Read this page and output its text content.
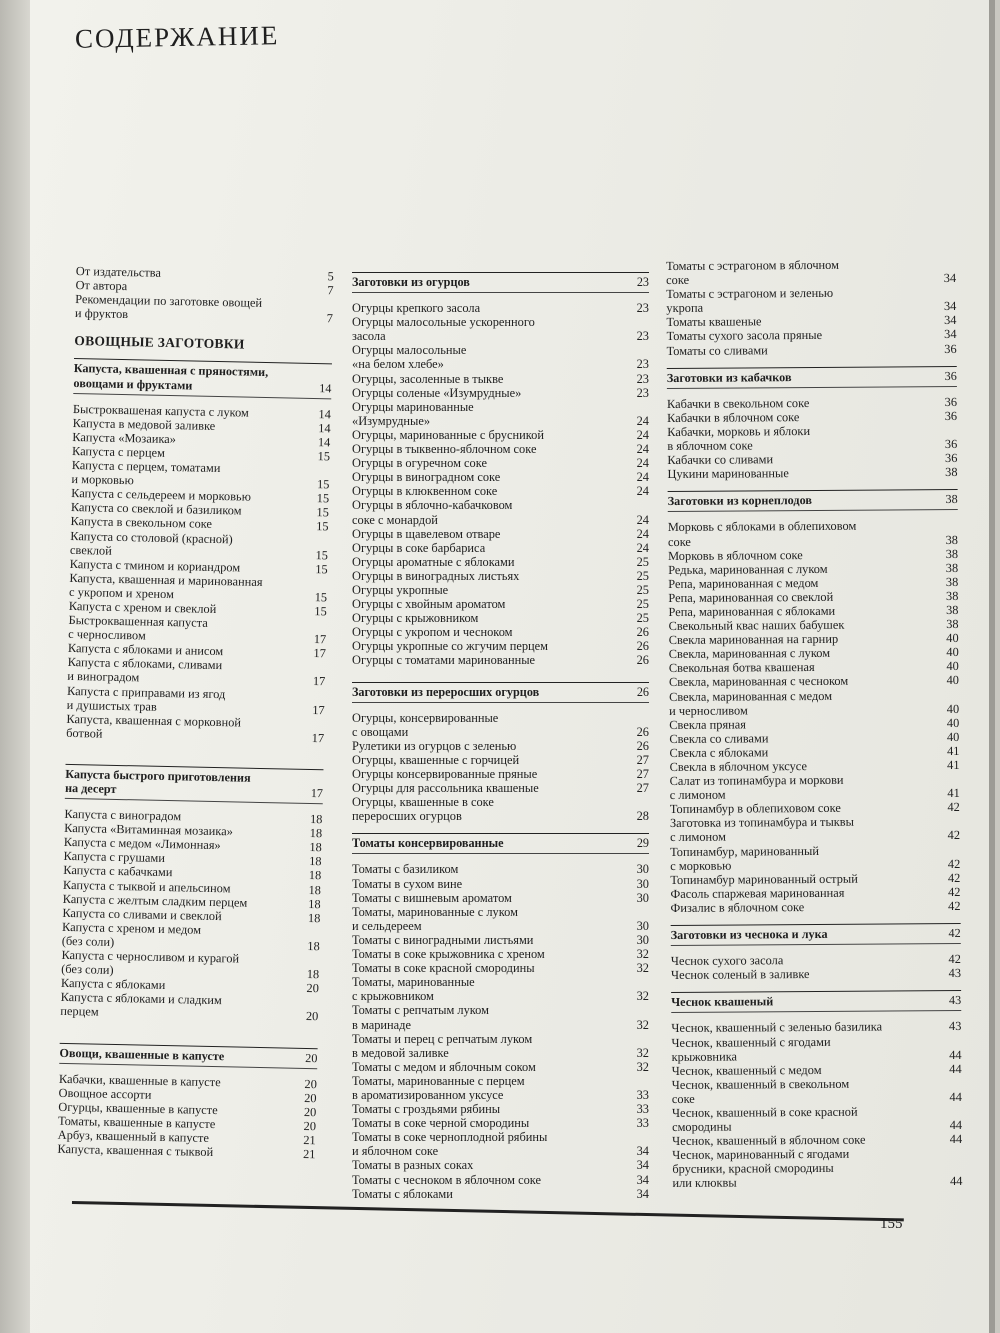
СОДЕРЖАНИЕ
От издательства	5
От автора	7
Рекомендации по заготовке овощей
и фруктов	7
ОВОЩНЫЕ ЗАГОТОВКИ
Капуста, квашенная с пряностями,
овощами и фруктами	14
Быстроквашеная капуста с луком	14
Капуста в медовой заливке	14
Капуста «Мозаика»	14
Капуста с перцем	15
Капуста с перцем, томатами
и морковью	15
Капуста с сельдереем и морковью	15
Капуста со свеклой и базиликом	15
Капуста в свекольном соке	15
Капуста со столовой (красной)
свеклой	15
Капуста с тмином и кориандром	15
Капуста, квашенная и маринованная
с укропом и хреном	15
Капуста с хреном и свеклой	15
Быстроквашенная капуста
с черносливом	17
Капуста с яблоками и анисом	17
Капуста с яблоками, сливами
и виноградом	17
Капуста с приправами из ягод
и душистых трав	17
Капуста, квашенная с морковной
ботвой	17
Капуста быстрого приготовления
на десерт	17
Капуста с виноградом	18
Капуста «Витаминная мозаика»	18
Капуста с медом «Лимонная»	18
Капуста с грушами	18
Капуста с кабачками	18
Капуста с тыквой и апельсином	18
Капуста с желтым сладким перцем	18
Капуста со сливами и свеклой	18
Капуста с хреном и медом
(без соли)	18
Капуста с черносливом и курагой
(без соли)	18
Капуста с яблоками	20
Капуста с яблоками и сладким
перцем	20
Овощи, квашенные в капусте	20
Кабачки, квашенные в капусте	20
Овощное ассорти	20
Огурцы, квашенные в капусте	20
Томаты, квашенные в капусте	20
Арбуз, квашенный в капусте	21
Капуста, квашенная с тыквой	21
Заготовки из огурцов	23
Огурцы крепкого засола	23
Огурцы малосольные ускоренного
засола	23
Огурцы малосольные
«на белом хлебе»	23
Огурцы, засоленные в тыкве	23
Огурцы соленые «Изумрудные»	23
Огурцы маринованные
«Изумрудные»	24
Огурцы, маринованные с брусникой	24
Огурцы в тыквенно-яблочном соке	24
Огурцы в огуречном соке	24
Огурцы в виноградном соке	24
Огурцы в клюквенном соке	24
Огурцы в яблочно-кабачковом
соке с монардой	24
Огурцы в щавелевом отваре	24
Огурцы в соке барбариса	24
Огурцы ароматные с яблоками	25
Огурцы в виноградных листьях	25
Огурцы укропные	25
Огурцы с хвойным ароматом	25
Огурцы с крыжовником	25
Огурцы с укропом и чесноком	26
Огурцы укропные со жгучим перцем	26
Огурцы с томатами маринованные	26
Заготовки из переросших огурцов	26
Огурцы, консервированные
с овощами	26
Рулетики из огурцов с зеленью	26
Огурцы, квашенные с горчицей	27
Огурцы консервированные пряные	27
Огурцы для рассольника квашеные	27
Огурцы, квашенные в соке
переросших огурцов	28
Томаты консервированные	29
Томаты с базиликом	30
Томаты в сухом вине	30
Томаты с вишневым ароматом	30
Томаты, маринованные с луком
и сельдереем	30
Томаты с виноградными листьями	30
Томаты в соке крыжовника с хреном	32
Томаты в соке красной смородины	32
Томаты, маринованные
с крыжовником	32
Томаты с репчатым луком
в маринаде	32
Томаты и перец с репчатым луком
в медовой заливке	32
Томаты с медом и яблочным соком	32
Томаты, маринованные с перцем
в ароматизированном уксусе	33
Томаты с гроздьями рябины	33
Томаты в соке черной смородины	33
Томаты в соке черноплодной рябины
и яблочном соке	34
Томаты в разных соках	34
Томаты с чесноком в яблочном соке	34
Томаты с яблоками	34
Томаты с эстрагоном в яблочном
соке	34
Томаты с эстрагоном и зеленью
укропа	34
Томаты квашеные	34
Томаты сухого засола пряные	34
Томаты со сливами	36
Заготовки из кабачков	36
Кабачки в свекольном соке	36
Кабачки в яблочном соке	36
Кабачки, морковь и яблоки
в яблочном соке	36
Кабачки со сливами	36
Цукини маринованные	38
Заготовки из корнеплодов	38
Морковь с яблоками в облепиховом
соке	38
Морковь в яблочном соке	38
Редька, маринованная с луком	38
Репа, маринованная с медом	38
Репа, маринованная со свеклой	38
Репа, маринованная с яблоками	38
Свекольный квас наших бабушек	38
Свекла маринованная на гарнир	40
Свекла, маринованная с луком	40
Свекольная ботва квашеная	40
Свекла, маринованная с чесноком	40
Свекла, маринованная с медом
и черносливом	40
Свекла пряная	40
Свекла со сливами	40
Свекла с яблоками	41
Свекла в яблочном уксусе	41
Салат из топинамбура и моркови
с лимоном	41
Топинамбур в облепиховом соке	42
Заготовка из топинамбура и тыквы
с лимоном	42
Топинамбур, маринованный
с морковью	42
Топинамбур маринованный острый	42
Фасоль спаржевая маринованная	42
Физалис в яблочном соке	42
Заготовки из чеснока и лука	42
Чеснок сухого засола	42
Чеснок соленый в заливке	43
Чеснок квашеный	43
Чеснок, квашенный с зеленью базилика	43
Чеснок, квашенный с ягодами
крыжовника	44
Чеснок, квашенный с медом	44
Чеснок, квашенный в свекольном
соке	44
Чеснок, квашенный в соке красной
смородины	44
Чеснок, квашенный в яблочном соке	44
Чеснок, маринованный с ягодами
брусники, красной смородины
или клюквы	44
155
